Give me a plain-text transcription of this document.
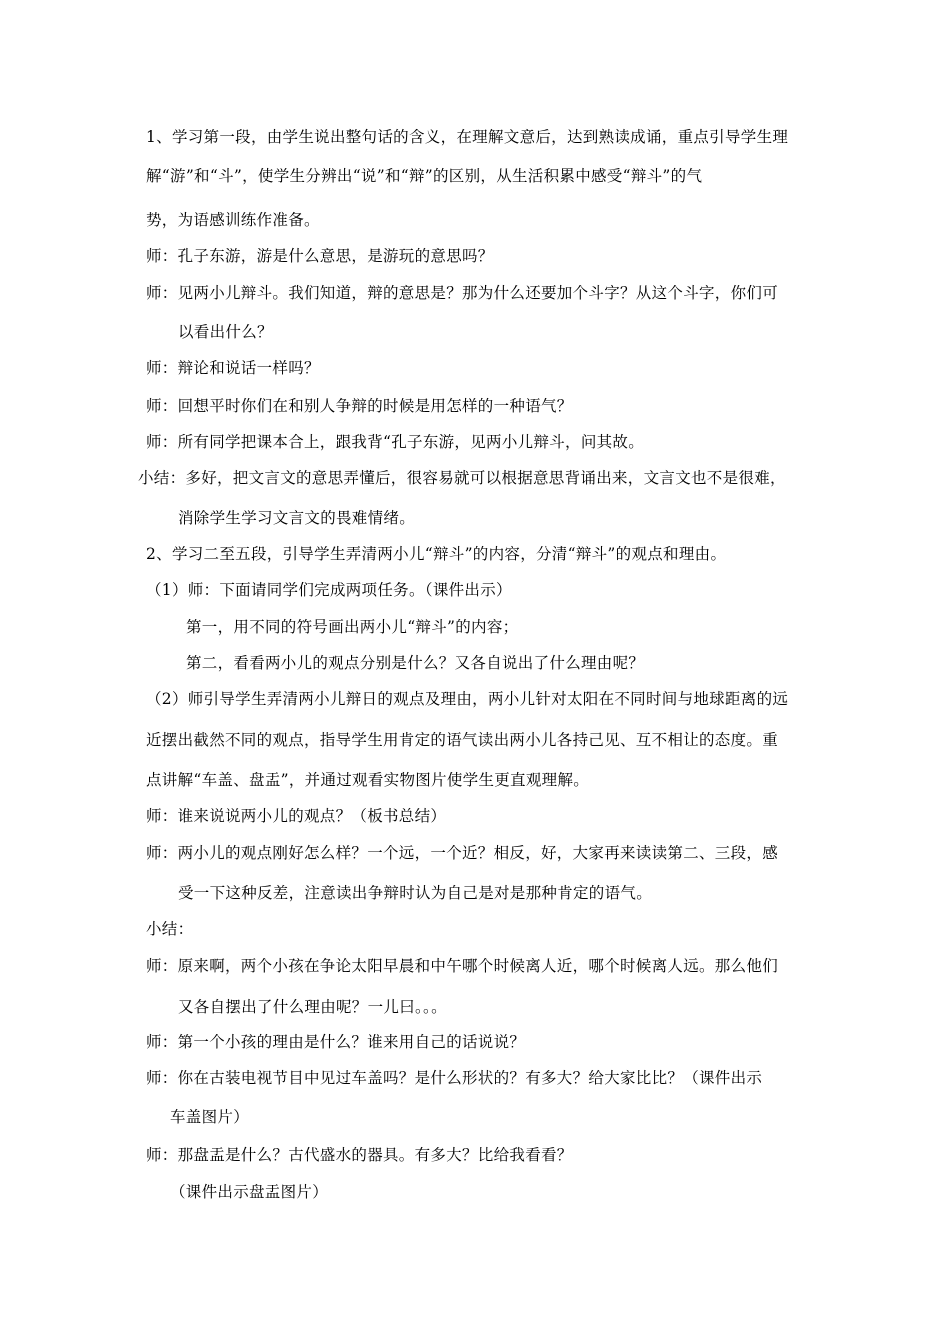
1、学习第一段，由学生说出整句话的含义，在理解文意后，达到熟读成诵，重点引导学生理
解“游”和“斗”，使学生分辨出“说”和“辩”的区别，从生活积累中感受“辩斗”的气
势，为语感训练作准备。
师：孔子东游，游是什么意思，是游玩的意思吗？
师：见两小儿辩斗。我们知道，辩的意思是？那为什么还要加个斗字？从这个斗字，你们可
以看出什么？
师：辩论和说话一样吗？
师：回想平时你们在和别人争辩的时候是用怎样的一种语气？
师：所有同学把课本合上，跟我背“孔子东游，见两小儿辩斗，问其故。
小结：多好，把文言文的意思弄懂后，很容易就可以根据意思背诵出来，文言文也不是很难，
消除学生学习文言文的畏难情绪。
2、学习二至五段，引导学生弄清两小儿“辩斗”的内容，分清“辩斗”的观点和理由。
（1）师：下面请同学们完成两项任务。（课件出示）
第一，用不同的符号画出两小儿“辩斗”的内容；
第二，看看两小儿的观点分别是什么？又各自说出了什么理由呢？
（2）师引导学生弄清两小儿辩日的观点及理由，两小儿针对太阳在不同时间与地球距离的远
近摆出截然不同的观点，指导学生用肯定的语气读出两小儿各持己见、互不相让的态度。重
点讲解“车盖、盘盂”，并通过观看实物图片使学生更直观理解。
师：谁来说说两小儿的观点？（板书总结）
师：两小儿的观点刚好怎么样？一个远，一个近？相反，好，大家再来读读第二、三段，感
受一下这种反差，注意读出争辩时认为自己是对是那种肯定的语气。
小结：
师：原来啊，两个小孩在争论太阳早晨和中午哪个时候离人近，哪个时候离人远。那么他们
又各自摆出了什么理由呢？一儿曰。。。
师：第一个小孩的理由是什么？谁来用自己的话说说？
师：你在古装电视节目中见过车盖吗？是什么形状的？有多大？给大家比比？（课件出示
车盖图片）
师：那盘盂是什么？古代盛水的器具。有多大？比给我看看？
（课件出示盘盂图片）
